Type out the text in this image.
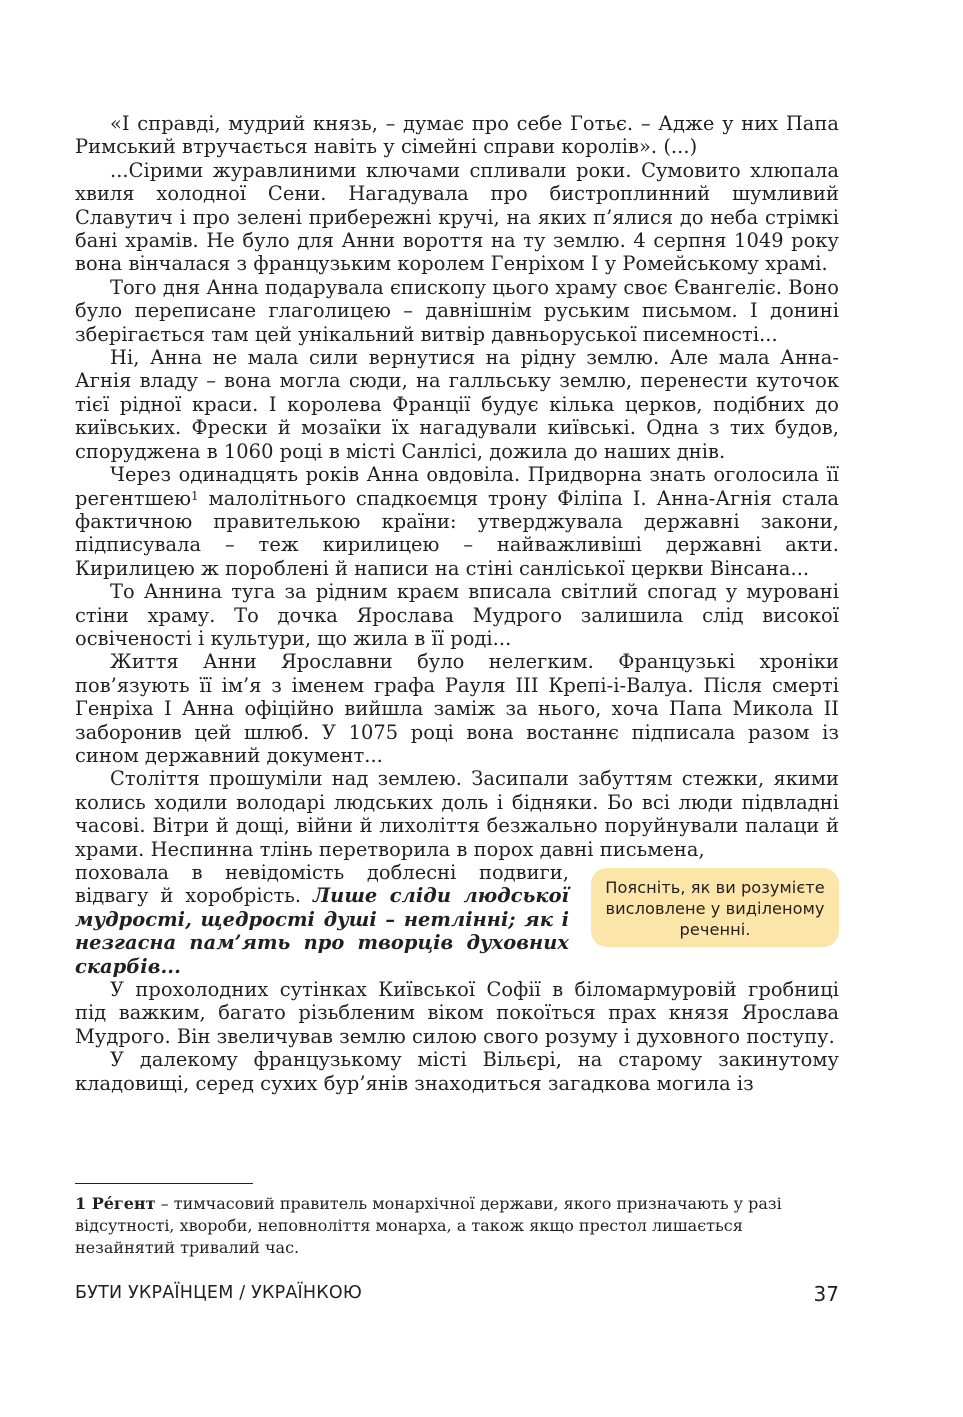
«І справді, мудрий князь, – думає про себе Готьє. – Адже у них Папа Римський втручається навіть у сімейні справи королів». (...)

...Сірими журавлиними ключами спливали роки. Сумовито хлюпала хвиля холодної Сени. Нагадувала про бистроплинний шумливий Славутич і про зелені прибережні кручі, на яких п’ялися до неба стрімкі бані храмів. Не було для Анни вороття на ту землю. 4 серпня 1049 року вона вінчалася з французьким королем Генріхом I у Ромейському храмі.

Того дня Анна подарувала єпископу цього храму своє Євангеліє. Воно було переписане глаголицею – давнішнім руським письмом. І донині зберігається там цей унікальний витвір давньоруської писемності...

Ні, Анна не мала сили вернутися на рідну землю. Але мала Анна-Агнія владу – вона могла сюди, на галльську землю, перенести куточок тієї рідної краси. І королева Франції будує кілька церков, подібних до київських. Фрески й мозаїки їх нагадували київські. Одна з тих будов, споруджена в 1060 році в місті Санлісі, дожила до наших днів.

Через одинадцять років Анна овдовіла. Придворна знать оголосила її регентшею$^1$ малолітнього спадкоємця трону Філіпа І. Анна-Агнія стала фактичною правителькою країни: утверджувала державні закони, підписувала – теж кирилицею – найважливіші державні акти. Кирилицею ж пороблені й написи на стіні санліської церкви Вінсана...

То Аннина туга за рідним краєм вписала світлий спогад у муровані стіни храму. То дочка Ярослава Мудрого залишила слід високої освіченості і культури, що жила в її роді...

Життя Анни Ярославни було нелегким. Французькі хроніки пов’язують її ім’я з іменем графа Рауля III Крепі-і-Валуа. Після смерті Генріха I Анна офіційно вийшла заміж за нього, хоча Папа Микола II заборонив цей шлюб. У 1075 році вона востаннє підписала разом із сином державний документ...

Століття прошуміли над землею. Засипали забуттям стежки, якими колись ходили володарі людських доль і бідняки. Бо всі люди підвладні часові. Вітри й дощі, війни й лихоліття безжально поруйнували палаци й храми. Неспинна тлінь перетворила в порох давні письмена,

Поясніть, як ви розумієте висловлене у виділеному реченні.
поховала в невідомість доблесні подвиги, відвагу й хоробрість. Лише сліди людської мудрості, щедрості душі – нетлінні; як і незгасна пам’ять про творців духовних скарбів...

У прохолодних сутінках Київської Софії в біломармуровій гробниці під важким, багато різьбленим віком покоїться прах князя Ярослава Мудрого. Він звеличував землю силою свого розуму і духовного поступу.

У далекому французькому місті Вільєрі, на старому закинутому кладовищі, серед сухих бур’янів знаходиться загадкова могила із

1 Ре́гент – тимчасовий правитель монархічної держави, якого призначають у разі відсутності, хвороби, неповноліття монарха, а також якщо престол лишається незайнятий тривалий час.

БУТИ УКРАЇНЦЕМ / УКРАЇНКОЮ	37
